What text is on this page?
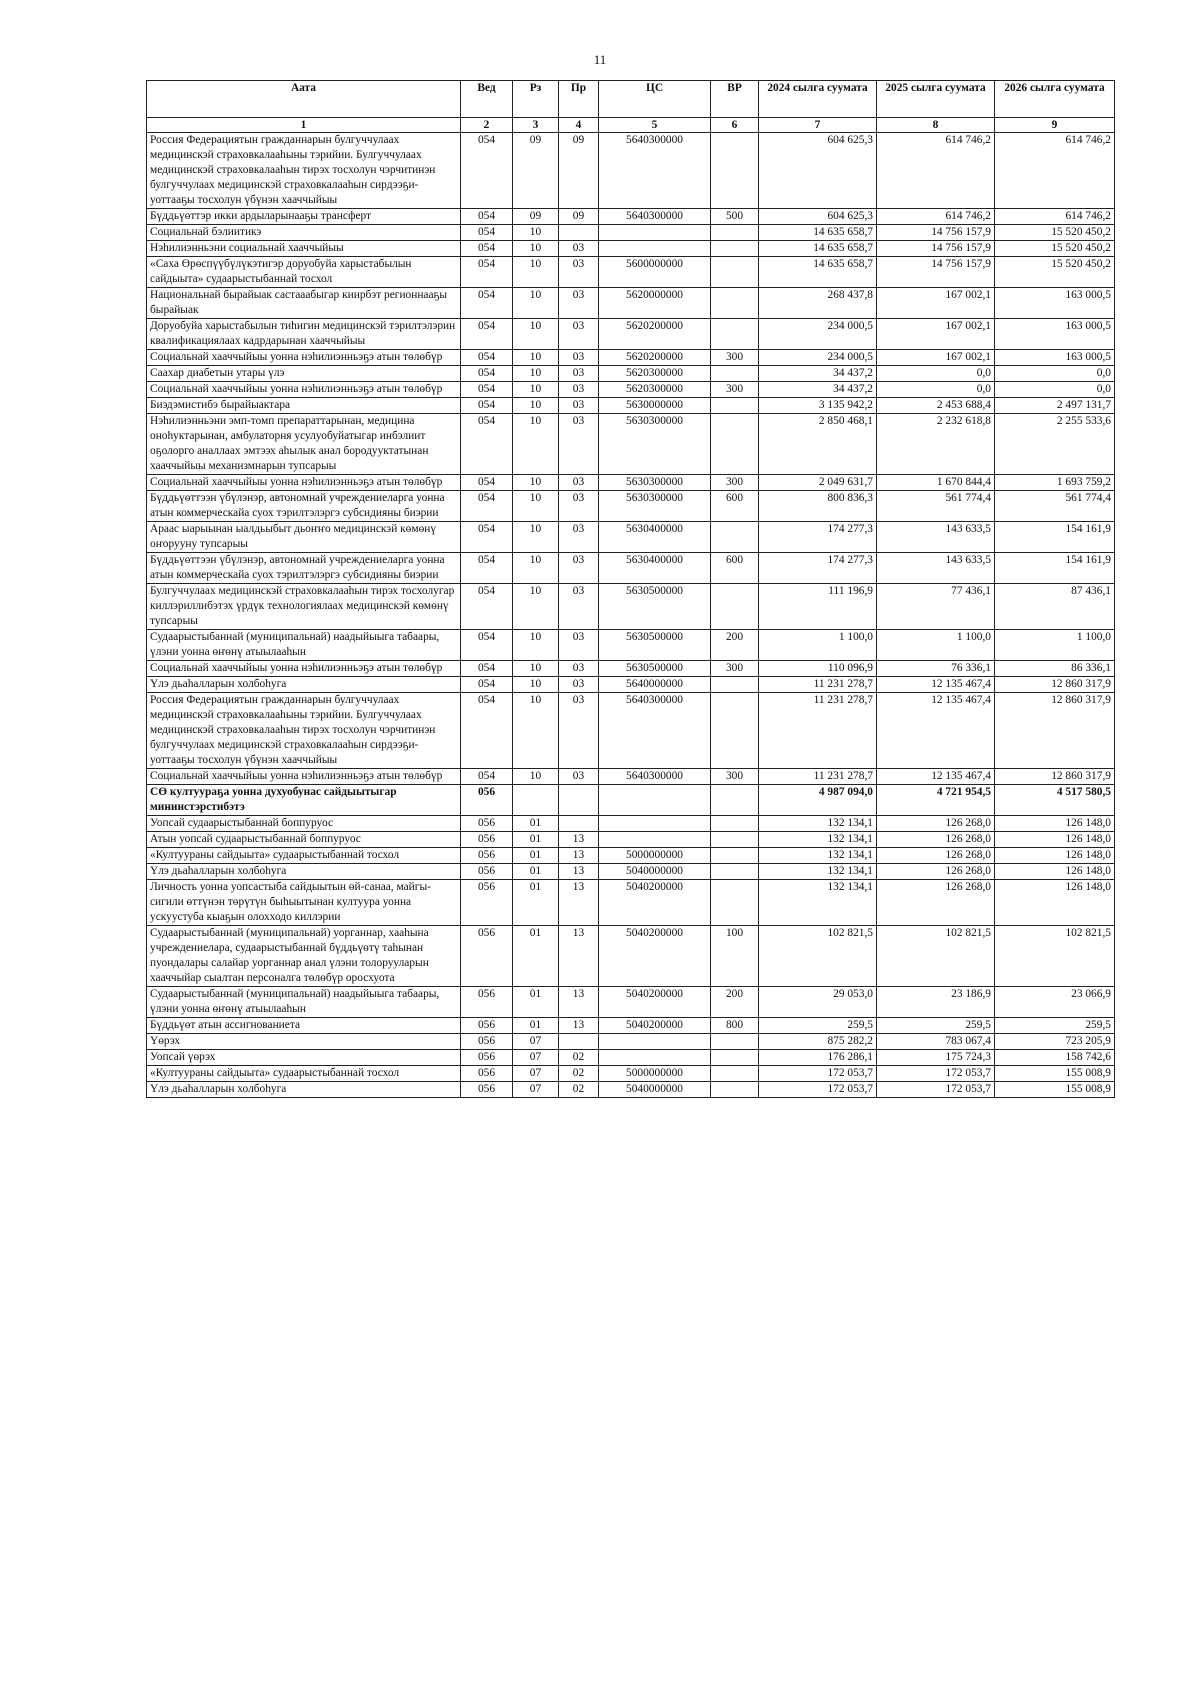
11
Аата	Вед	Рз	Пр	ЦС	ВР	2024 сылга суумата	2025 сылга суумата	2026 сылга суумата
1	2	3	4	5	6	7	8	9
Россия Федерациятын гражданнарын булгуччулаах медицинскэй страховкалааһыны тэрийии. Булгуччулаах медицинскэй страховкалааһын тирэх тосхолун чэрчитинэн булгуччулаах медицинскэй страховкалааһын сирдээҕи-уоттааҕы тосхолун үбүнэн хааччыйыы	054	09	09	5640300000		604 625,3	614 746,2	614 746,2
Бүддьүөттэр икки ардыларынааҕы трансферт	054	09	09	5640300000	500	604 625,3	614 746,2	614 746,2
Социальнай бэлиитикэ	054	10				14 635 658,7	14 756 157,9	15 520 450,2
Нэһилиэнньэни социальнай хааччыйыы	054	10	03			14 635 658,7	14 756 157,9	15 520 450,2
«Саха Өрөспүүбүлүкэтигэр доруобуйа харыстабылын сайдыыта» судаарыстыбаннай тосхол	054	10	03	5600000000		14 635 658,7	14 756 157,9	15 520 450,2
Национальнай бырайыак састааабыгар киирбэт регионнааҕы бырайыак	054	10	03	5620000000		268 437,8	167 002,1	163 000,5
Доруобуйа харыстабылын тиһигин медицинскэй тэрилтэлэрин квалификациялаах кадрдарынан хааччыйыы	054	10	03	5620200000		234 000,5	167 002,1	163 000,5
Социальнай хааччыйыы уонна нэһилиэнньэҕэ атын төлөбүр	054	10	03	5620200000	300	234 000,5	167 002,1	163 000,5
Саахар диабетын утары үлэ	054	10	03	5620300000		34 437,2	0,0	0,0
Социальнай хааччыйыы уонна нэһилиэнньэҕэ атын төлөбүр	054	10	03	5620300000	300	34 437,2	0,0	0,0
Биэдэмистибэ бырайыактара	054	10	03	5630000000		3 135 942,2	2 453 688,4	2 497 131,7
Нэһилиэнньэни эмп-томп препараттарынан, медицина оноһуктарынан, амбулаторня усулуобуйатыгар инбэлиит оҕолорго аналлаах эмтээх аһылык анал бородууктатынан хааччыйыы механизмнарын тупсарыы	054	10	03	5630300000		2 850 468,1	2 232 618,8	2 255 533,6
Социальнай хааччыйыы уонна нэһилиэнньэҕэ атын төлөбүр	054	10	03	5630300000	300	2 049 631,7	1 670 844,4	1 693 759,2
Бүддьүөттээн үбүлэнэр, автономнай учреждениеларга уонна атын коммерческайа суох тэрилтэлэргэ субсидияны биэрии	054	10	03	5630300000	600	800 836,3	561 774,4	561 774,4
Араас ыарыынан ыалдьыбыт дьоҥҥо медицинскэй көмөнү оҥорууну тупсарыы	054	10	03	5630400000		174 277,3	143 633,5	154 161,9
Бүддьүөттээн үбүлэнэр, автономнай учреждениеларга уонна атын коммерческайа суох тэрилтэлэргэ субсидияны биэрии	054	10	03	5630400000	600	174 277,3	143 633,5	154 161,9
Булгуччулаах медицинскэй страховкалааһын тирэх тосхолугар киллэриллибэтэх үрдүк технологиялаах медицинскэй көмөнү тупсарыы	054	10	03	5630500000		111 196,9	77 436,1	87 436,1
Судаарыстыбаннай (муниципальнай) наадыйыыга табаары, үлэни уонна өҥөнү атыылааһын	054	10	03	5630500000	200	1 100,0	1 100,0	1 100,0
Социальнай хааччыйыы уонна нэһилиэнньэҕэ атын төлөбүр	054	10	03	5630500000	300	110 096,9	76 336,1	86 336,1
Үлэ дьаһалларын холбоһуга	054	10	03	5640000000		11 231 278,7	12 135 467,4	12 860 317,9
Россия Федерациятын гражданнарын булгуччулаах медицинскэй страховкалааһыны тэрийии. Булгуччулаах медицинскэй страховкалааһын тирэх тосхолун чэрчитинэн булгуччулаах медицинскэй страховкалааһын сирдээҕи-уоттааҕы тосхолун үбүнэн хааччыйыы	054	10	03	5640300000		11 231 278,7	12 135 467,4	12 860 317,9
Социальнай хааччыйыы уонна нэһилиэнньэҕэ атын төлөбүр	054	10	03	5640300000	300	11 231 278,7	12 135 467,4	12 860 317,9
СӨ култуураҕа уонна духуобунас сайдыытыгар миниистэрстибэтэ	056					4 987 094,0	4 721 954,5	4 517 580,5
Уопсай судаарыстыбаннай боппуруос	056	01				132 134,1	126 268,0	126 148,0
Атын уопсай судаарыстыбаннай боппуруос	056	01	13			132 134,1	126 268,0	126 148,0
«Култуураны сайдыыта» судаарыстыбаннай тосхол	056	01	13	5000000000		132 134,1	126 268,0	126 148,0
Үлэ дьаһалларын холбоһуга	056	01	13	5040000000		132 134,1	126 268,0	126 148,0
Личность уонна уопсастыба сайдыытын өй-санаа, майгы-сигили өттүнэн төрүтүн быһыытынан култуура уонна ускуустуба кыаҕын олохходо киллэрии	056	01	13	5040200000		132 134,1	126 268,0	126 148,0
Судаарыстыбаннай (муниципальнай) уорганнар, хааһына учреждениелара, судаарыстыбаннай бүддьүөтү таһынан пуондалары салайар уорганнар анал үлэни толорууларын хааччыйар сыалтан персоналга төлөбүр оросхуота	056	01	13	5040200000	100	102 821,5	102 821,5	102 821,5
Судаарыстыбаннай (муниципальнай) наадыйыыга табаары, үлэни уонна өҥөнү атыылааһын	056	01	13	5040200000	200	29 053,0	23 186,9	23 066,9
Бүддьүөт атын ассигнованиета	056	01	13	5040200000	800	259,5	259,5	259,5
Үөрэх	056	07				875 282,2	783 067,4	723 205,9
Уопсай үөрэх	056	07	02			176 286,1	175 724,3	158 742,6
«Култуураны сайдыыта» судаарыстыбаннай тосхол	056	07	02	5000000000		172 053,7	172 053,7	155 008,9
Үлэ дьаһалларын холбоһуга	056	07	02	5040000000		172 053,7	172 053,7	155 008,9
